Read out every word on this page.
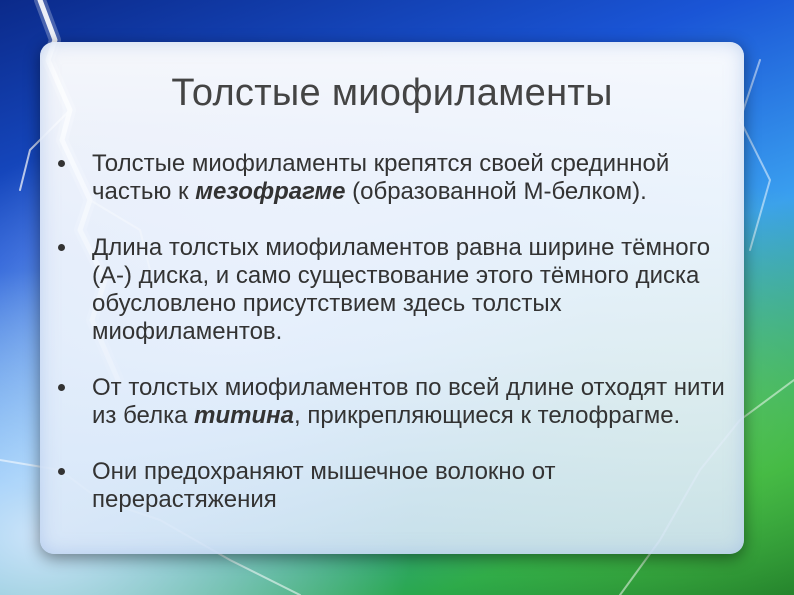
Толстые миофиламенты
Толстые миофиламенты крепятся своей срединной частью к мезофрагме (образованной М-белком).
Длина толстых миофиламентов равна ширине тёмного (А-) диска, и само существование этого тёмного диска обусловлено присутствием здесь толстых миофиламентов.
От толстых миофиламентов по всей длине отходят нити из белка титина, прикрепляющиеся к телофрагме.
Они предохраняют мышечное волокно от перерастяжения
